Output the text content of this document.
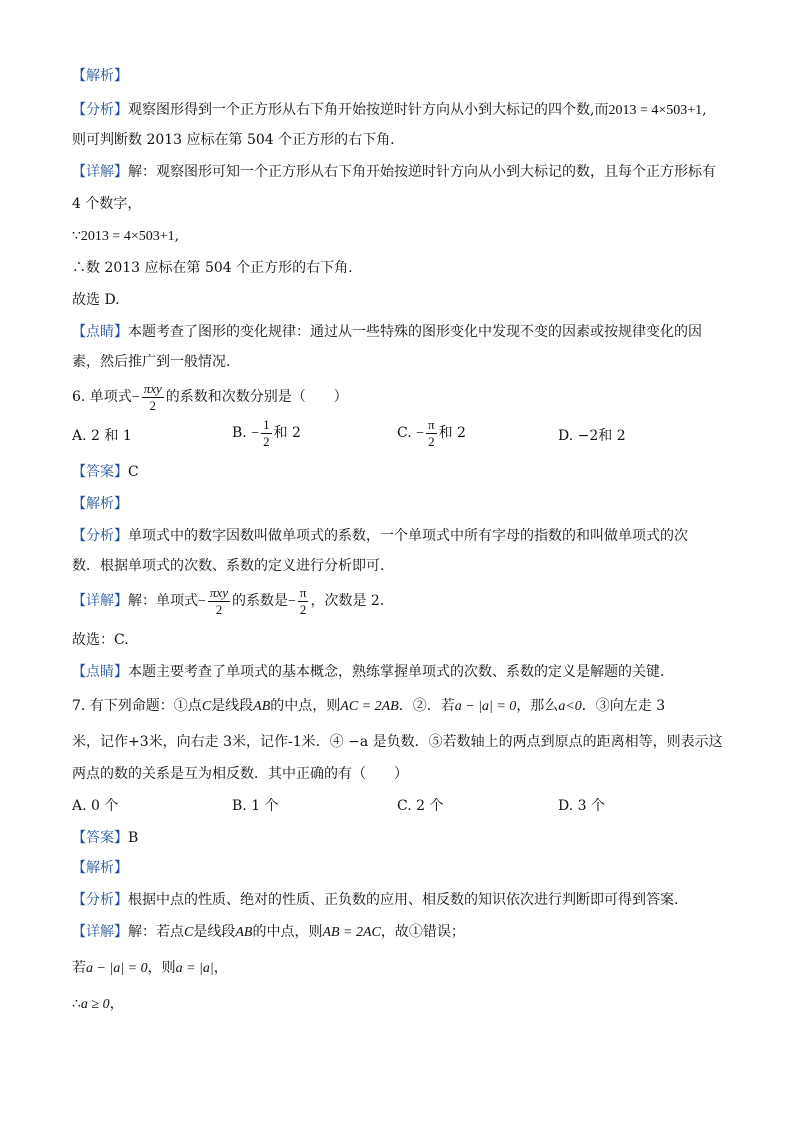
【解析】
【分析】观察图形得到一个正方形从右下角开始按逆时针方向从小到大标记的四个数,而2013 = 4×503+1,
则可判断数 2013 应标在第 504 个正方形的右下角.
【详解】解：观察图形可知一个正方形从右下角开始按逆时针方向从小到大标记的数，且每个正方形标有
4 个数字，
∵2013 = 4×503+1,
∴数 2013 应标在第 504 个正方形的右下角.
故选 D.
【点睛】本题考查了图形的变化规律：通过从一些特殊的图形变化中发现不变的因素或按规律变化的因
素，然后推广到一般情况.
6. 单项式− $\frac{\text{πxy}}{2}$ 的系数和次数分别是（　　）
A. 2 和 1	B. − $\frac{1}{2}$ 和 2	C. − $\frac{\pi}{2}$ 和 2	D. −2和 2
【答案】C
【解析】
【分析】单项式中的数字因数叫做单项式的系数，一个单项式中所有字母的指数的和叫做单项式的次
数．根据单项式的次数、系数的定义进行分析即可.
【详解】解：单项式− $\frac{\text{πxy}}{2}$ 的系数是− $\frac{\pi}{2}$ ，次数是 2.
故选：C.
【点睛】本题主要考查了单项式的基本概念，熟练掌握单项式的次数、系数的定义是解题的关键.
7. 有下列命题：①点C是线段AB的中点，则AC = 2AB．②．若a − |a| = 0，那么a<0．③向左走 3
米，记作+3米，向右走 3米，记作-1米．④ −a 是负数．⑤若数轴上的两点到原点的距离相等，则表示这
两点的数的关系是互为相反数．其中正确的有（　　）
A. 0 个	B. 1 个	C. 2 个	D. 3 个
【答案】B
【解析】
【分析】根据中点的性质、绝对的性质、正负数的应用、相反数的知识依次进行判断即可得到答案.
【详解】解：若点C是线段AB的中点，则AB = 2AC，故①错误；
若a − |a| = 0，则a = |a|，
∴a ≥ 0，
